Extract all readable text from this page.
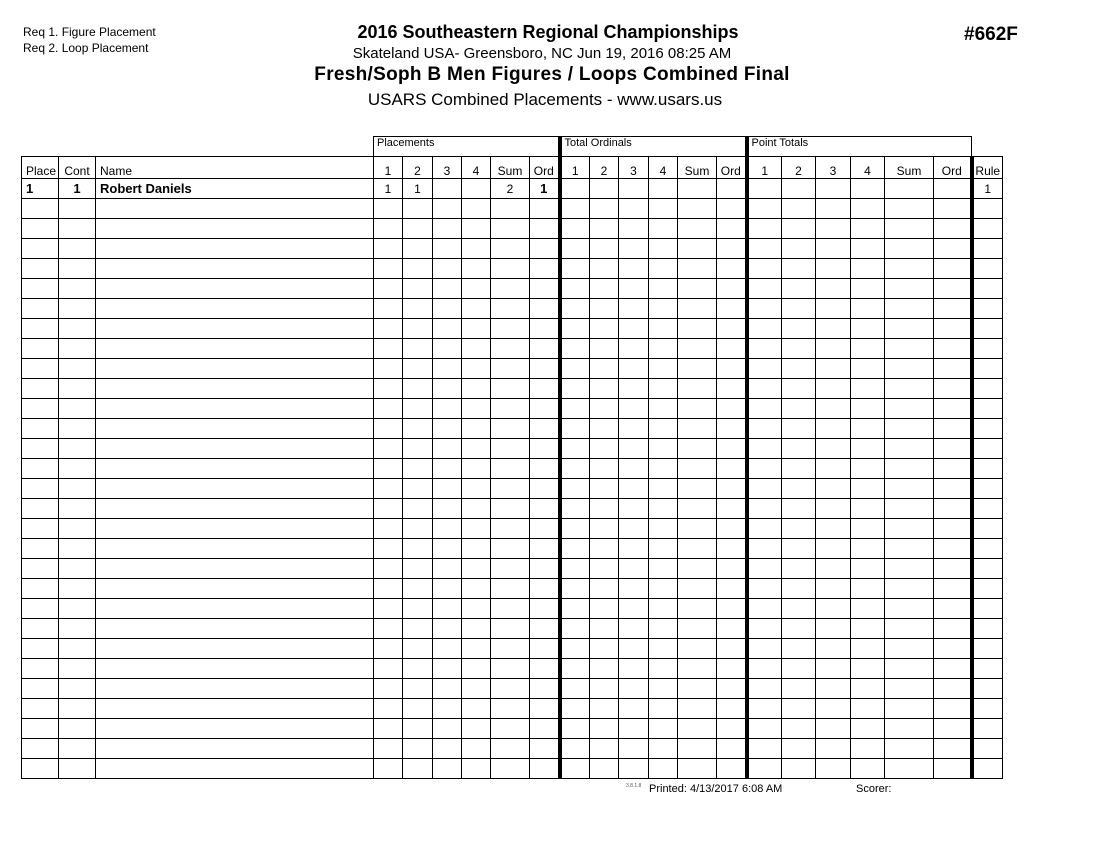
Req 1. Figure Placement
Req 2. Loop Placement
2016 Southeastern Regional Championships
Skateland USA- Greensboro, NC Jun 19, 2016 08:25 AM
Fresh/Soph B Men Figures / Loops Combined Final
USARS Combined Placements - www.usars.us
#662F
			Placements						Total Ordinals						Point Totals						
Place	Cont	Name	1	2	3	4	Sum	Ord	1	2	3	4	Sum	Ord	1	2	3	4	Sum	Ord	Rule
1	1	Robert Daniels	1	1			2	1													1

3.8.1.8 Printed: 4/13/2017 6:08 AM	Scorer:
